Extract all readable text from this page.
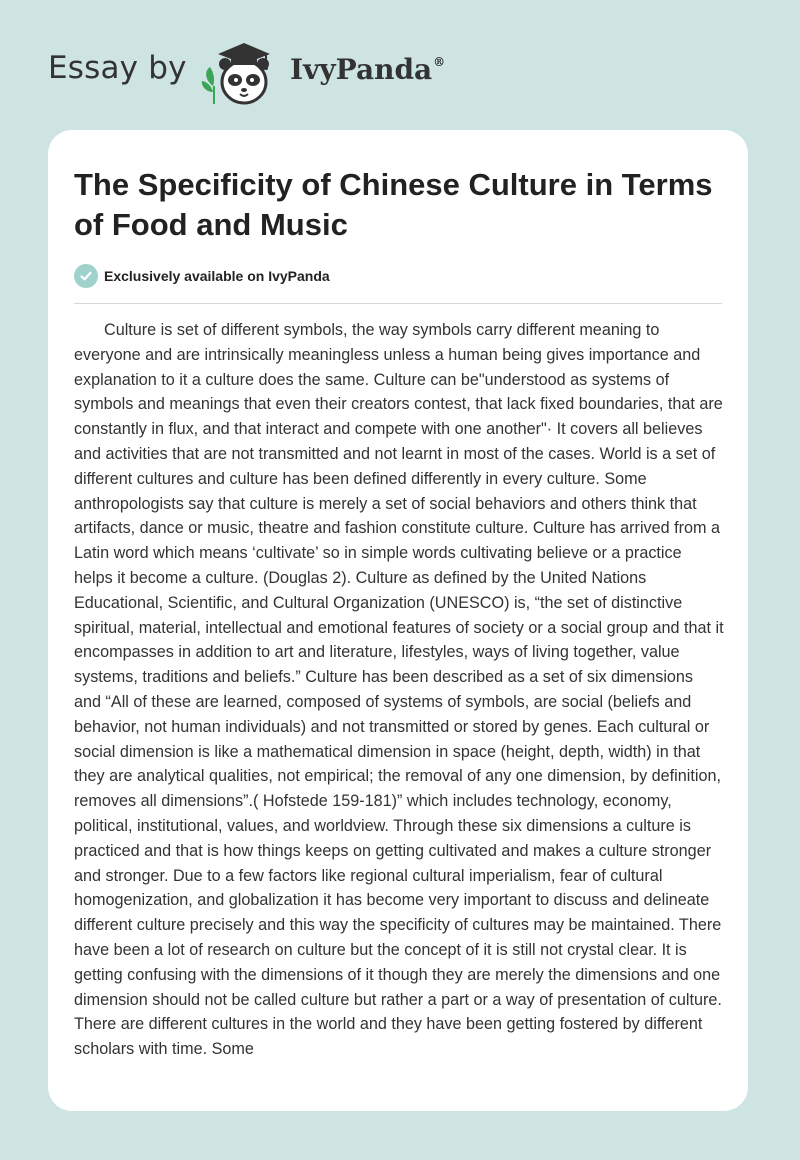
Essay by	IvyPanda®
The Specificity of Chinese Culture in Terms of Food and Music
Exclusively available on IvyPanda

Culture is set of different symbols, the way symbols carry different meaning to everyone and are intrinsically meaningless unless a human being gives importance and explanation to it a culture does the same. Culture can be"understood as systems of symbols and meanings that even their creators contest, that lack fixed boundaries, that are constantly in flux, and that interact and compete with one another"· It covers all believes and activities that are not transmitted and not learnt in most of the cases. World is a set of different cultures and culture has been defined differently in every culture. Some anthropologists say that culture is merely a set of social behaviors and others think that artifacts, dance or music, theatre and fashion constitute culture. Culture has arrived from a Latin word which means ‘cultivate’ so in simple words cultivating believe or a practice helps it become a culture. (Douglas 2). Culture as defined by the United Nations Educational, Scientific, and Cultural Organization (UNESCO) is, “the set of distinctive spiritual, material, intellectual and emotional features of society or a social group and that it encompasses in addition to art and literature, lifestyles, ways of living together, value systems, traditions and beliefs.” Culture has been described as a set of six dimensions and “All of these are learned, composed of systems of symbols, are social (beliefs and behavior, not human individuals) and not transmitted or stored by genes. Each cultural or social dimension is like a mathematical dimension in space (height, depth, width) in that they are analytical qualities, not empirical; the removal of any one dimension, by definition, removes all dimensions”.( Hofstede 159-181)” which includes technology, economy, political, institutional, values, and worldview. Through these six dimensions a culture is practiced and that is how things keeps on getting cultivated and makes a culture stronger and stronger. Due to a few factors like regional cultural imperialism, fear of cultural homogenization, and globalization it has become very important to discuss and delineate different culture precisely and this way the specificity of cultures may be maintained. There have been a lot of research on culture but the concept of it is still not crystal clear. It is getting confusing with the dimensions of it though they are merely the dimensions and one dimension should not be called culture but rather a part or a way of presentation of culture. There are different cultures in the world and they have been getting fostered by different scholars with time. Some
